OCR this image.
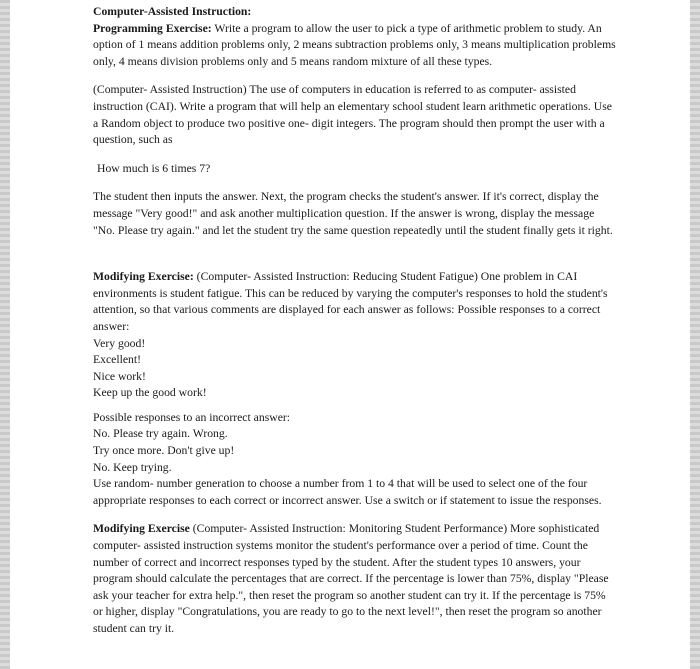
Computer-Assisted Instruction:

Programming Exercise: Write a program to allow the user to pick a type of arithmetic problem to study. An option of 1 means addition problems only, 2 means subtraction problems only, 3 means multiplication problems only, 4 means division problems only and 5 means random mixture of all these types.

(Computer- Assisted Instruction) The use of computers in education is referred to as computer- assisted instruction (CAI). Write a program that will help an elementary school student learn arithmetic operations. Use a Random object to produce two positive one- digit integers. The program should then prompt the user with a question, such as

How much is 6 times 7?

The student then inputs the answer. Next, the program checks the student's answer. If it's correct, display the message "Very good!" and ask another multiplication question. If the answer is wrong, display the message "No. Please try again." and let the student try the same question repeatedly until the student finally gets it right.

Modifying Exercise: (Computer- Assisted Instruction: Reducing Student Fatigue) One problem in CAI environments is student fatigue. This can be reduced by varying the computer's responses to hold the student's attention, so that various comments are displayed for each answer as follows: Possible responses to a correct answer:

Very good!

Excellent!

Nice work!

Keep up the good work!

Possible responses to an incorrect answer:

No. Please try again. Wrong.

Try once more. Don't give up!

No. Keep trying.

Use random- number generation to choose a number from 1 to 4 that will be used to select one of the four appropriate responses to each correct or incorrect answer. Use a switch or if statement to issue the responses.

Modifying Exercise (Computer- Assisted Instruction: Monitoring Student Performance) More sophisticated computer- assisted instruction systems monitor the student's performance over a period of time. Count the number of correct and incorrect responses typed by the student. After the student types 10 answers, your program should calculate the percentages that are correct. If the percentage is lower than 75%, display "Please ask your teacher for extra help.", then reset the program so another student can try it. If the percentage is 75% or higher, display "Congratulations, you are ready to go to the next level!", then reset the program so another student can try it.
